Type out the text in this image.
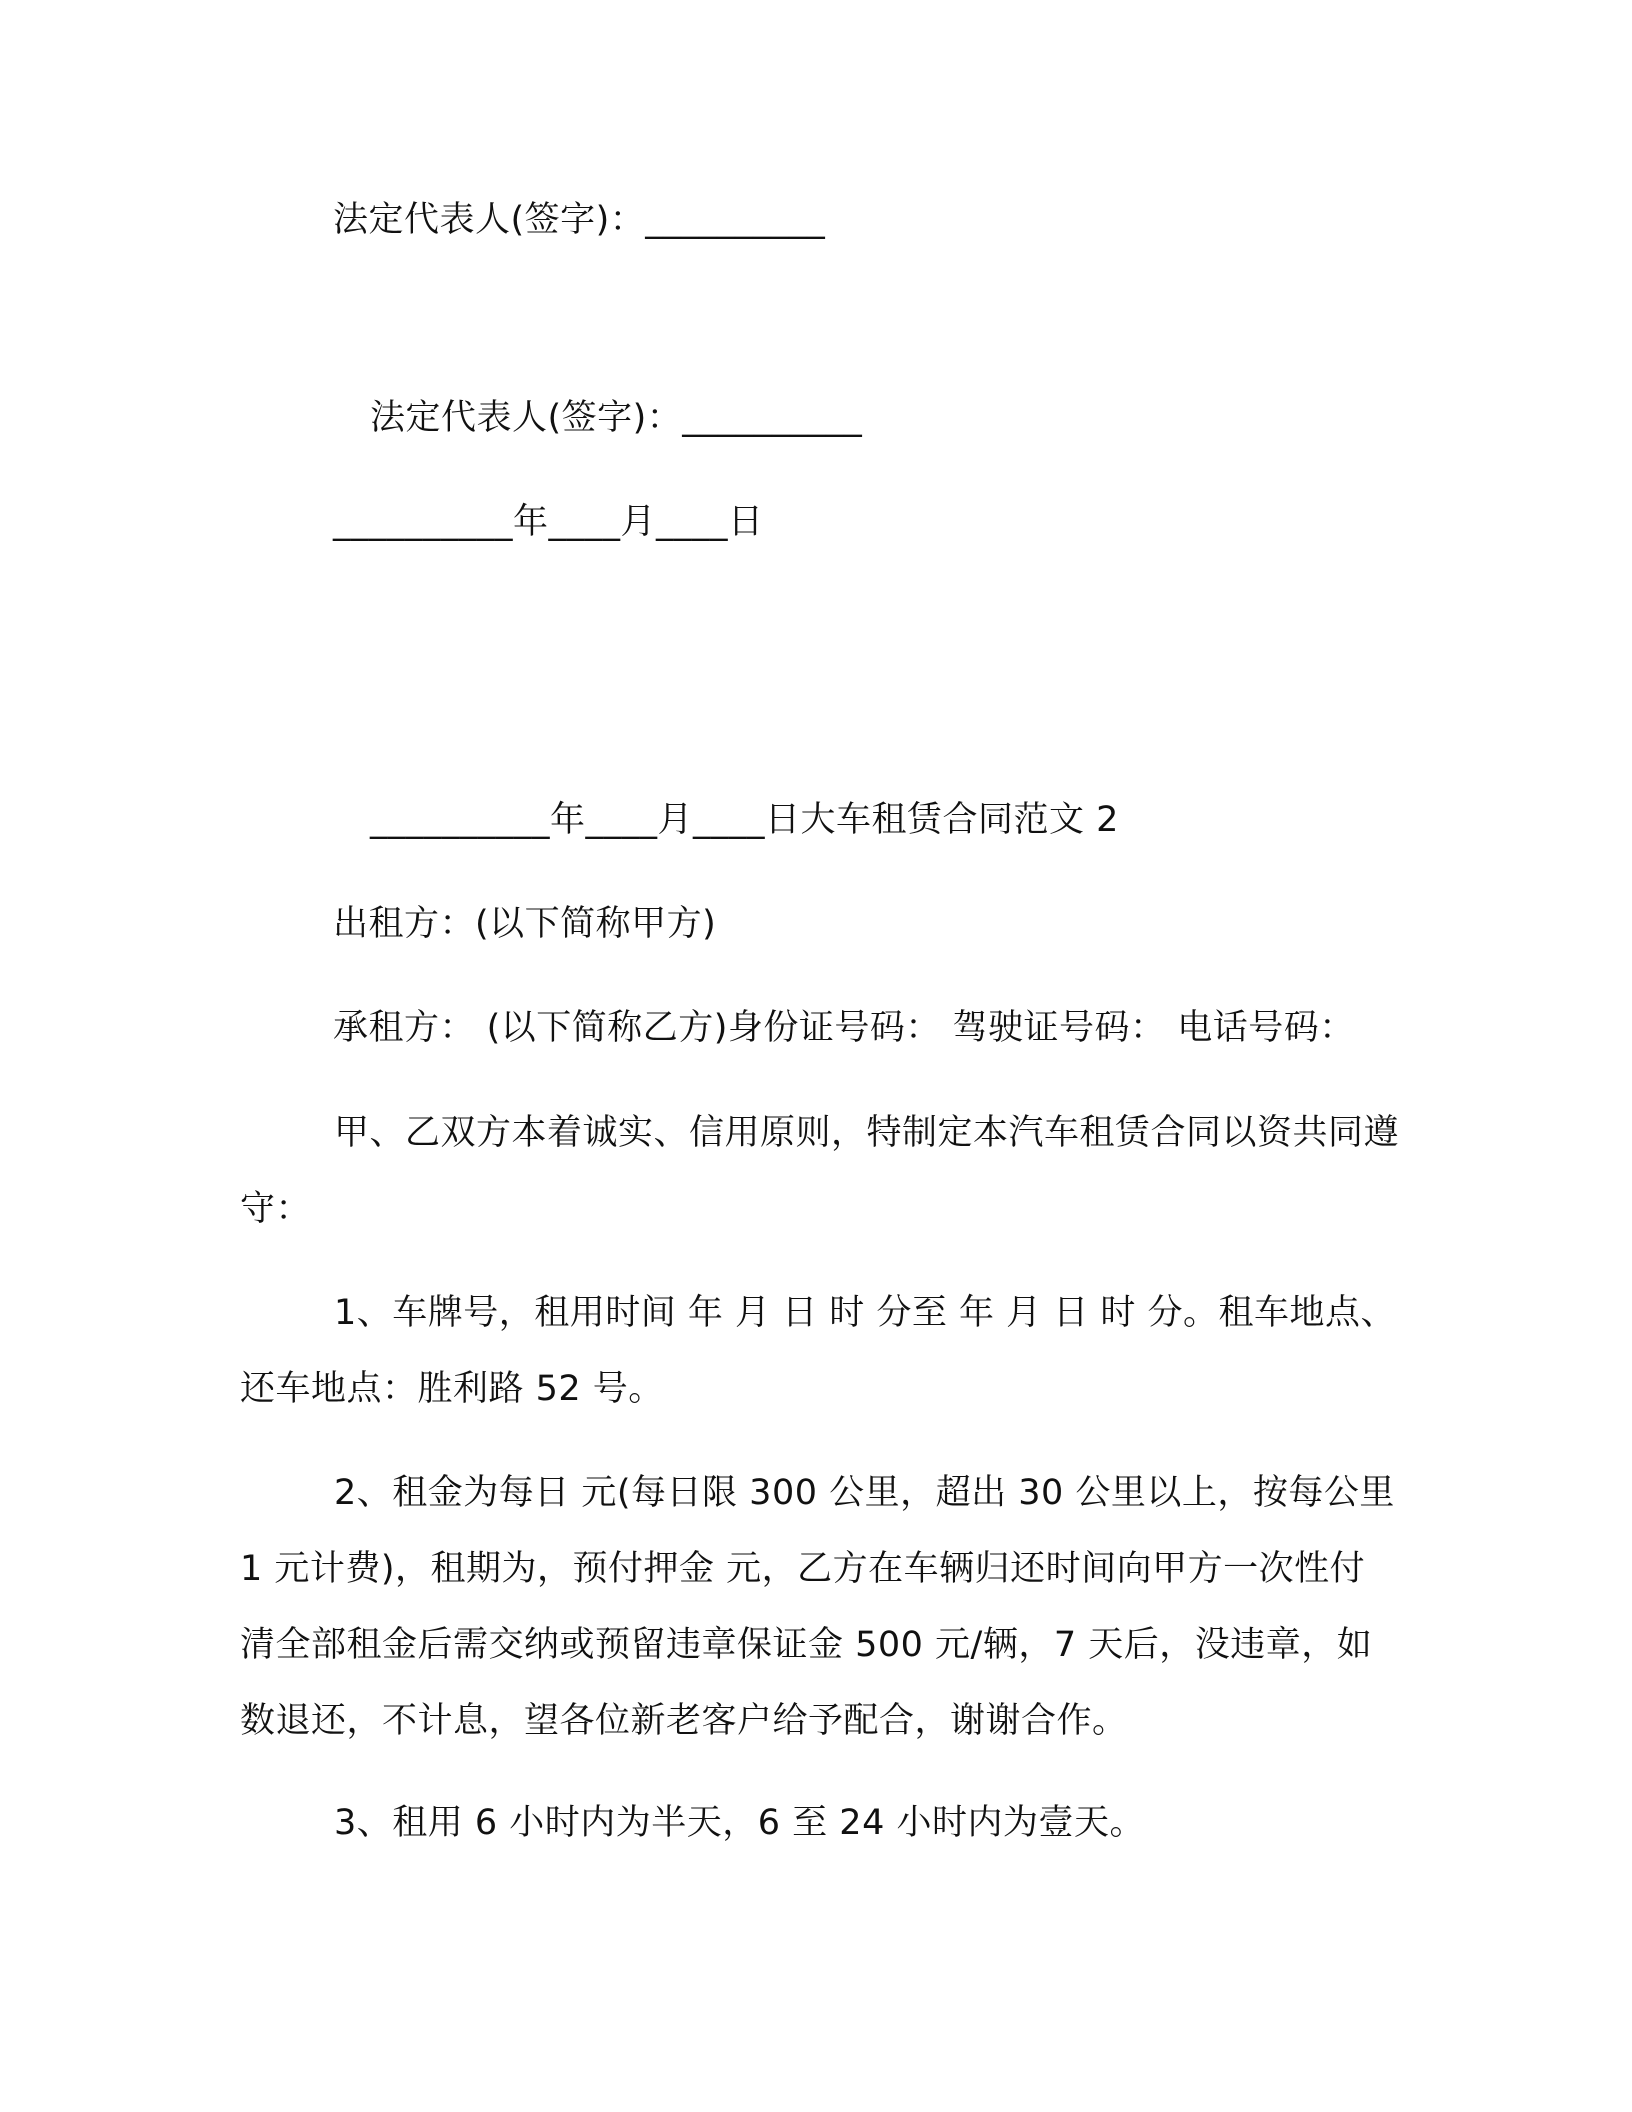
法定代表人(签字)：__________
法定代表人(签字)：__________
__________年____月____日
__________年____月____日大车租赁合同范文 2
出租方：(以下简称甲方)
承租方： (以下简称乙方)身份证号码： 驾驶证号码： 电话号码：
甲、乙双方本着诚实、信用原则，特制定本汽车租赁合同以资共同遵守：
1、车牌号，租用时间 年 月 日 时 分至 年 月 日 时 分。租车地点、还车地点：胜利路 52 号。
2、租金为每日 元(每日限 300 公里，超出 30 公里以上，按每公里 1 元计费)，租期为，预付押金 元，乙方在车辆归还时间向甲方一次性付清全部租金后需交纳或预留违章保证金 500 元/辆，7 天后，没违章，如数退还，不计息，望各位新老客户给予配合，谢谢合作。
3、租用 6 小时内为半天，6 至 24 小时内为壹天。
